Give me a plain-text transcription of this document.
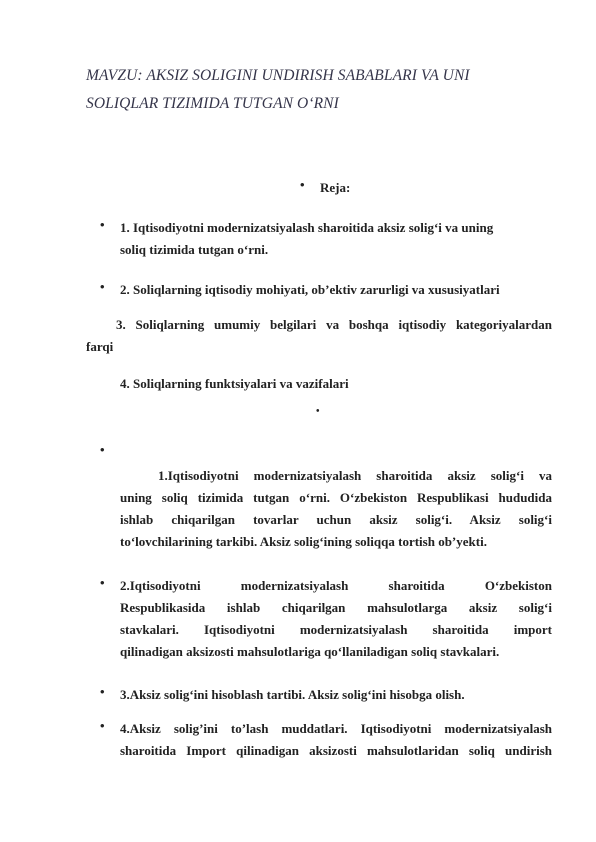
MAVZU: AKSIZ SOLIGINI UNDIRISH SABABLARI VA UNI
SOLIQLAR TIZIMIDA TUTGAN O‘RNI
• Reja:
• 1. Iqtisodiyotni modernizatsiyalash sharoitida aksiz solig‘i va uning
soliq tizimida tutgan o‘rni.
• 2. Soliqlarning iqtisodiy mohiyati, ob’ektiv zarurligi va xususiyatlari
3. Soliqlarning umumiy belgilari va boshqa iqtisodiy kategoriyalardan
farqi
4. Soliqlarning funktsiyalari va vazifalari
•
•
1.Iqtisodiyotni modernizatsiyalash sharoitida aksiz solig‘i va
uning soliq tizimida tutgan o‘rni. O‘zbekiston Respublikasi hududida
ishlab chiqarilgan tovarlar uchun aksiz solig‘i. Aksiz solig‘i
to‘lovchilarining tarkibi. Aksiz solig‘ining soliqqa tortish ob’yekti.
• 2.Iqtisodiyotni modernizatsiyalash sharoitida O‘zbekiston
Respublikasida ishlab chiqarilgan mahsulotlarga aksiz solig‘i
stavkalari. Iqtisodiyotni modernizatsiyalash sharoitida import
qilinadigan aksizosti mahsulotlariga qo‘llaniladigan soliq stavkalari.
• 3.Aksiz solig‘ini hisoblash tartibi. Aksiz solig‘ini hisobga olish.
• 4.Aksiz solig’ini to’lash muddatlari. Iqtisodiyotni modernizatsiyalash
sharoitida Import qilinadigan aksizosti mahsulotlaridan soliq undirish
